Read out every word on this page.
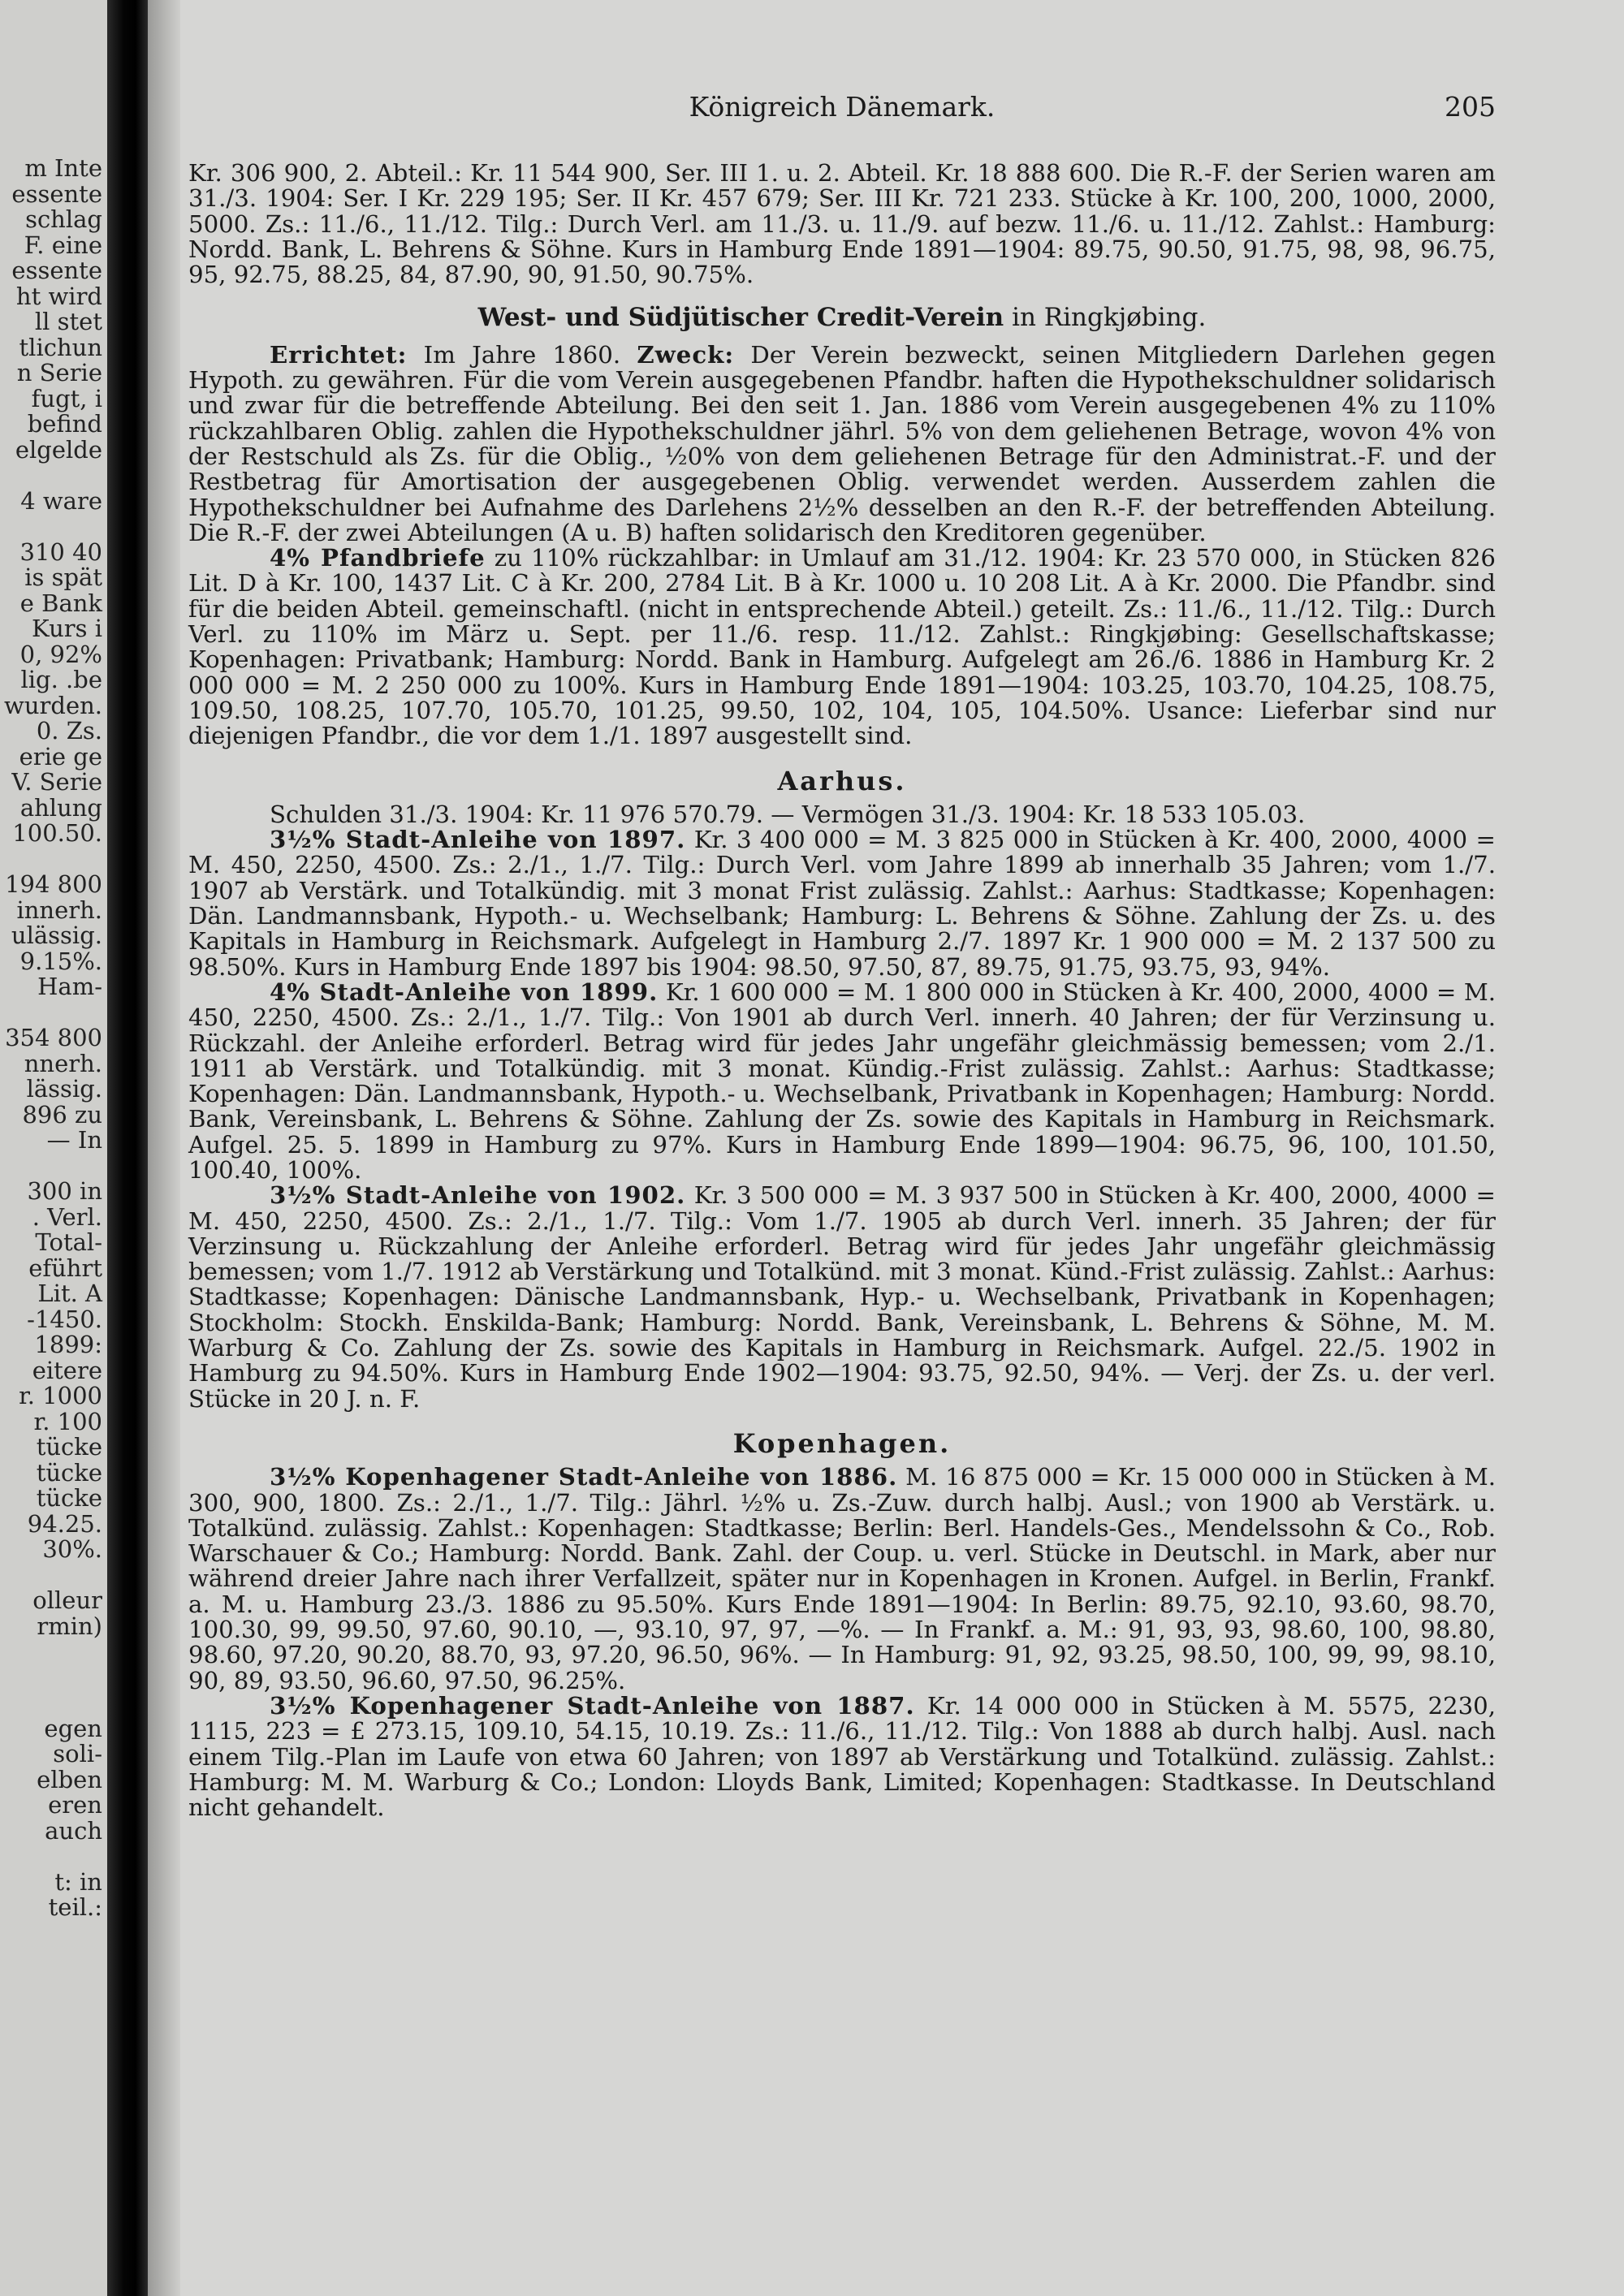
m Inte
essente
schlag
F. eine
essente
ht wird
ll stet
tlichun
n Serie
fugt, i
befind
elgelde
4 ware
310 40
is spät
e Bank
Kurs i
0, 92%
lig. .be
wurden.
0. Zs.
erie ge
V. Serie
ahlung
100.50.
194 800
innerh.
ulässig.
9.15%.
Ham-
354 800
nnerh.
lässig.
896 zu
— In
300 in
. Verl.
Total-
eführt
Lit. A
-1450.
1899:
eitere
r. 1000
r. 100
tücke
tücke
tücke
94.25.
30%.
olleur
rmin)
egen
soli-
elben
eren
auch
t: in
teil.:
Königreich Dänemark.	205

Kr. 306 900, 2. Abteil.: Kr. 11 544 900, Ser. III 1. u. 2. Abteil. Kr. 18 888 600. Die R.-F. der Serien waren am 31./3. 1904: Ser. I Kr. 229 195; Ser. II Kr. 457 679; Ser. III Kr. 721 233. Stücke à Kr. 100, 200, 1000, 2000, 5000. Zs.: 11./6., 11./12. Tilg.: Durch Verl. am 11./3. u. 11./9. auf bezw. 11./6. u. 11./12. Zahlst.: Hamburg: Nordd. Bank, L. Behrens & Söhne. Kurs in Hamburg Ende 1891—1904: 89.75, 90.50, 91.75, 98, 98, 96.75, 95, 92.75, 88.25, 84, 87.90, 90, 91.50, 90.75%.

West- und Südjütischer Credit-Verein in Ringkjøbing.

Errichtet: Im Jahre 1860. Zweck: Der Verein bezweckt, seinen Mitgliedern Darlehen gegen Hypoth. zu gewähren. Für die vom Verein ausgegebenen Pfandbr. haften die Hypothekschuldner solidarisch und zwar für die betreffende Abteilung. Bei den seit 1. Jan. 1886 vom Verein ausgegebenen 4% zu 110% rückzahlbaren Oblig. zahlen die Hypothekschuldner jährl. 5% von dem geliehenen Betrage, wovon 4% von der Restschuld als Zs. für die Oblig., ½0% von dem geliehenen Betrage für den Administrat.-F. und der Restbetrag für Amortisation der ausgegebenen Oblig. verwendet werden. Ausserdem zahlen die Hypothekschuldner bei Aufnahme des Darlehens 2½% desselben an den R.-F. der betreffenden Abteilung. Die R.-F. der zwei Abteilungen (A u. B) haften solidarisch den Kreditoren gegenüber.

4% Pfandbriefe zu 110% rückzahlbar: in Umlauf am 31./12. 1904: Kr. 23 570 000, in Stücken 826 Lit. D à Kr. 100, 1437 Lit. C à Kr. 200, 2784 Lit. B à Kr. 1000 u. 10 208 Lit. A à Kr. 2000. Die Pfandbr. sind für die beiden Abteil. gemeinschaftl. (nicht in entsprechende Abteil.) geteilt. Zs.: 11./6., 11./12. Tilg.: Durch Verl. zu 110% im März u. Sept. per 11./6. resp. 11./12. Zahlst.: Ringkjøbing: Gesellschaftskasse; Kopenhagen: Privatbank; Hamburg: Nordd. Bank in Hamburg. Aufgelegt am 26./6. 1886 in Hamburg Kr. 2 000 000 = M. 2 250 000 zu 100%. Kurs in Hamburg Ende 1891—1904: 103.25, 103.70, 104.25, 108.75, 109.50, 108.25, 107.70, 105.70, 101.25, 99.50, 102, 104, 105, 104.50%. Usance: Lieferbar sind nur diejenigen Pfandbr., die vor dem 1./1. 1897 ausgestellt sind.

Aarhus.

Schulden 31./3. 1904: Kr. 11 976 570.79. — Vermögen 31./3. 1904: Kr. 18 533 105.03.

3½% Stadt-Anleihe von 1897. Kr. 3 400 000 = M. 3 825 000 in Stücken à Kr. 400, 2000, 4000 = M. 450, 2250, 4500. Zs.: 2./1., 1./7. Tilg.: Durch Verl. vom Jahre 1899 ab innerhalb 35 Jahren; vom 1./7. 1907 ab Verstärk. und Totalkündig. mit 3 monat Frist zulässig. Zahlst.: Aarhus: Stadtkasse; Kopenhagen: Dän. Landmannsbank, Hypoth.- u. Wechselbank; Hamburg: L. Behrens & Söhne. Zahlung der Zs. u. des Kapitals in Hamburg in Reichsmark. Aufgelegt in Hamburg 2./7. 1897 Kr. 1 900 000 = M. 2 137 500 zu 98.50%. Kurs in Hamburg Ende 1897 bis 1904: 98.50, 97.50, 87, 89.75, 91.75, 93.75, 93, 94%.

4% Stadt-Anleihe von 1899. Kr. 1 600 000 = M. 1 800 000 in Stücken à Kr. 400, 2000, 4000 = M. 450, 2250, 4500. Zs.: 2./1., 1./7. Tilg.: Von 1901 ab durch Verl. innerh. 40 Jahren; der für Verzinsung u. Rückzahl. der Anleihe erforderl. Betrag wird für jedes Jahr ungefähr gleichmässig bemessen; vom 2./1. 1911 ab Verstärk. und Totalkündig. mit 3 monat. Kündig.-Frist zulässig. Zahlst.: Aarhus: Stadtkasse; Kopenhagen: Dän. Landmannsbank, Hypoth.- u. Wechselbank, Privatbank in Kopenhagen; Hamburg: Nordd. Bank, Vereinsbank, L. Behrens & Söhne. Zahlung der Zs. sowie des Kapitals in Hamburg in Reichsmark. Aufgel. 25. 5. 1899 in Hamburg zu 97%. Kurs in Hamburg Ende 1899—1904: 96.75, 96, 100, 101.50, 100.40, 100%.

3½% Stadt-Anleihe von 1902. Kr. 3 500 000 = M. 3 937 500 in Stücken à Kr. 400, 2000, 4000 = M. 450, 2250, 4500. Zs.: 2./1., 1./7. Tilg.: Vom 1./7. 1905 ab durch Verl. innerh. 35 Jahren; der für Verzinsung u. Rückzahlung der Anleihe erforderl. Betrag wird für jedes Jahr ungefähr gleichmässig bemessen; vom 1./7. 1912 ab Verstärkung und Totalkünd. mit 3 monat. Künd.-Frist zulässig. Zahlst.: Aarhus: Stadtkasse; Kopenhagen: Dänische Landmannsbank, Hyp.- u. Wechselbank, Privatbank in Kopenhagen; Stockholm: Stockh. Enskilda-Bank; Hamburg: Nordd. Bank, Vereinsbank, L. Behrens & Söhne, M. M. Warburg & Co. Zahlung der Zs. sowie des Kapitals in Hamburg in Reichsmark. Aufgel. 22./5. 1902 in Hamburg zu 94.50%. Kurs in Hamburg Ende 1902—1904: 93.75, 92.50, 94%. — Verj. der Zs. u. der verl. Stücke in 20 J. n. F.

Kopenhagen.

3½% Kopenhagener Stadt-Anleihe von 1886. M. 16 875 000 = Kr. 15 000 000 in Stücken à M. 300, 900, 1800. Zs.: 2./1., 1./7. Tilg.: Jährl. ½% u. Zs.-Zuw. durch halbj. Ausl.; von 1900 ab Verstärk. u. Totalkünd. zulässig. Zahlst.: Kopenhagen: Stadtkasse; Berlin: Berl. Handels-Ges., Mendelssohn & Co., Rob. Warschauer & Co.; Hamburg: Nordd. Bank. Zahl. der Coup. u. verl. Stücke in Deutschl. in Mark, aber nur während dreier Jahre nach ihrer Verfallzeit, später nur in Kopenhagen in Kronen. Aufgel. in Berlin, Frankf. a. M. u. Hamburg 23./3. 1886 zu 95.50%. Kurs Ende 1891—1904: In Berlin: 89.75, 92.10, 93.60, 98.70, 100.30, 99, 99.50, 97.60, 90.10, —, 93.10, 97, 97, —%. — In Frankf. a. M.: 91, 93, 93, 98.60, 100, 98.80, 98.60, 97.20, 90.20, 88.70, 93, 97.20, 96.50, 96%. — In Hamburg: 91, 92, 93.25, 98.50, 100, 99, 99, 98.10, 90, 89, 93.50, 96.60, 97.50, 96.25%.

3½% Kopenhagener Stadt-Anleihe von 1887. Kr. 14 000 000 in Stücken à M. 5575, 2230, 1115, 223 = £ 273.15, 109.10, 54.15, 10.19. Zs.: 11./6., 11./12. Tilg.: Von 1888 ab durch halbj. Ausl. nach einem Tilg.-Plan im Laufe von etwa 60 Jahren; von 1897 ab Verstärkung und Totalkünd. zulässig. Zahlst.: Hamburg: M. M. Warburg & Co.; London: Lloyds Bank, Limited; Kopenhagen: Stadtkasse. In Deutschland nicht gehandelt.
